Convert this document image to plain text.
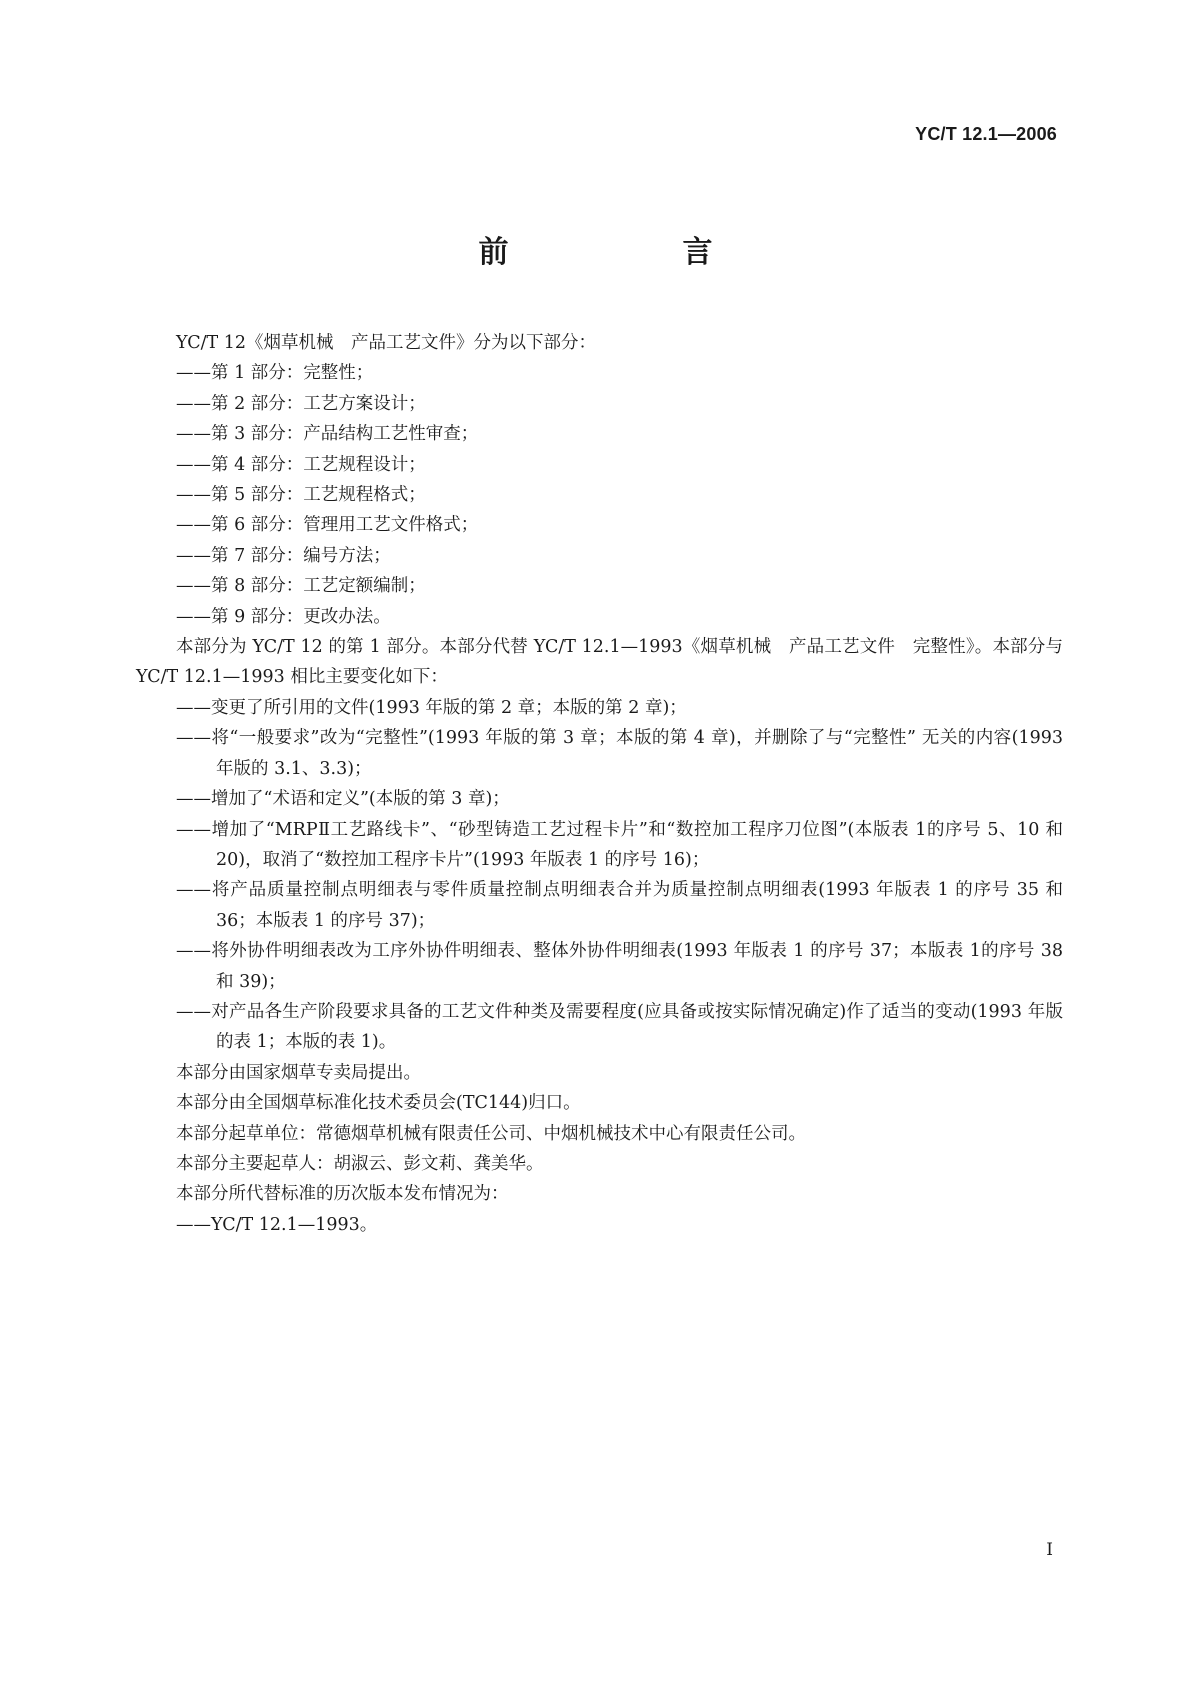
YC/T 12.1—2006
前　　言

YC/T 12《烟草机械　产品工艺文件》分为以下部分：

——第 1 部分：完整性；

——第 2 部分：工艺方案设计；

——第 3 部分：产品结构工艺性审查；

——第 4 部分：工艺规程设计；

——第 5 部分：工艺规程格式；

——第 6 部分：管理用工艺文件格式；

——第 7 部分：编号方法；

——第 8 部分：工艺定额编制；

——第 9 部分：更改办法。

本部分为 YC/T 12 的第 1 部分。本部分代替 YC/T 12.1—1993《烟草机械　产品工艺文件　完整性》。本部分与 YC/T 12.1—1993 相比主要变化如下：

——变更了所引用的文件(1993 年版的第 2 章；本版的第 2 章)；

——将“一般要求”改为“完整性”(1993 年版的第 3 章；本版的第 4 章)，并删除了与“完整性” 无关的内容(1993 年版的 3.1、3.3)；

——增加了“术语和定义”(本版的第 3 章)；

——增加了“MRPⅡ工艺路线卡”、“砂型铸造工艺过程卡片”和“数控加工程序刀位图”(本版表 1的序号 5、10 和 20)，取消了“数控加工程序卡片”(1993 年版表 1 的序号 16)；

——将产品质量控制点明细表与零件质量控制点明细表合并为质量控制点明细表(1993 年版表 1 的序号 35 和 36；本版表 1 的序号 37)；

——将外协件明细表改为工序外协件明细表、整体外协件明细表(1993 年版表 1 的序号 37；本版表 1的序号 38 和 39)；

——对产品各生产阶段要求具备的工艺文件种类及需要程度(应具备或按实际情况确定)作了适当的变动(1993 年版的表 1；本版的表 1)。

本部分由国家烟草专卖局提出。

本部分由全国烟草标准化技术委员会(TC144)归口。

本部分起草单位：常德烟草机械有限责任公司、中烟机械技术中心有限责任公司。

本部分主要起草人：胡淑云、彭文莉、龚美华。

本部分所代替标准的历次版本发布情况为：

——YC/T 12.1—1993。

I
